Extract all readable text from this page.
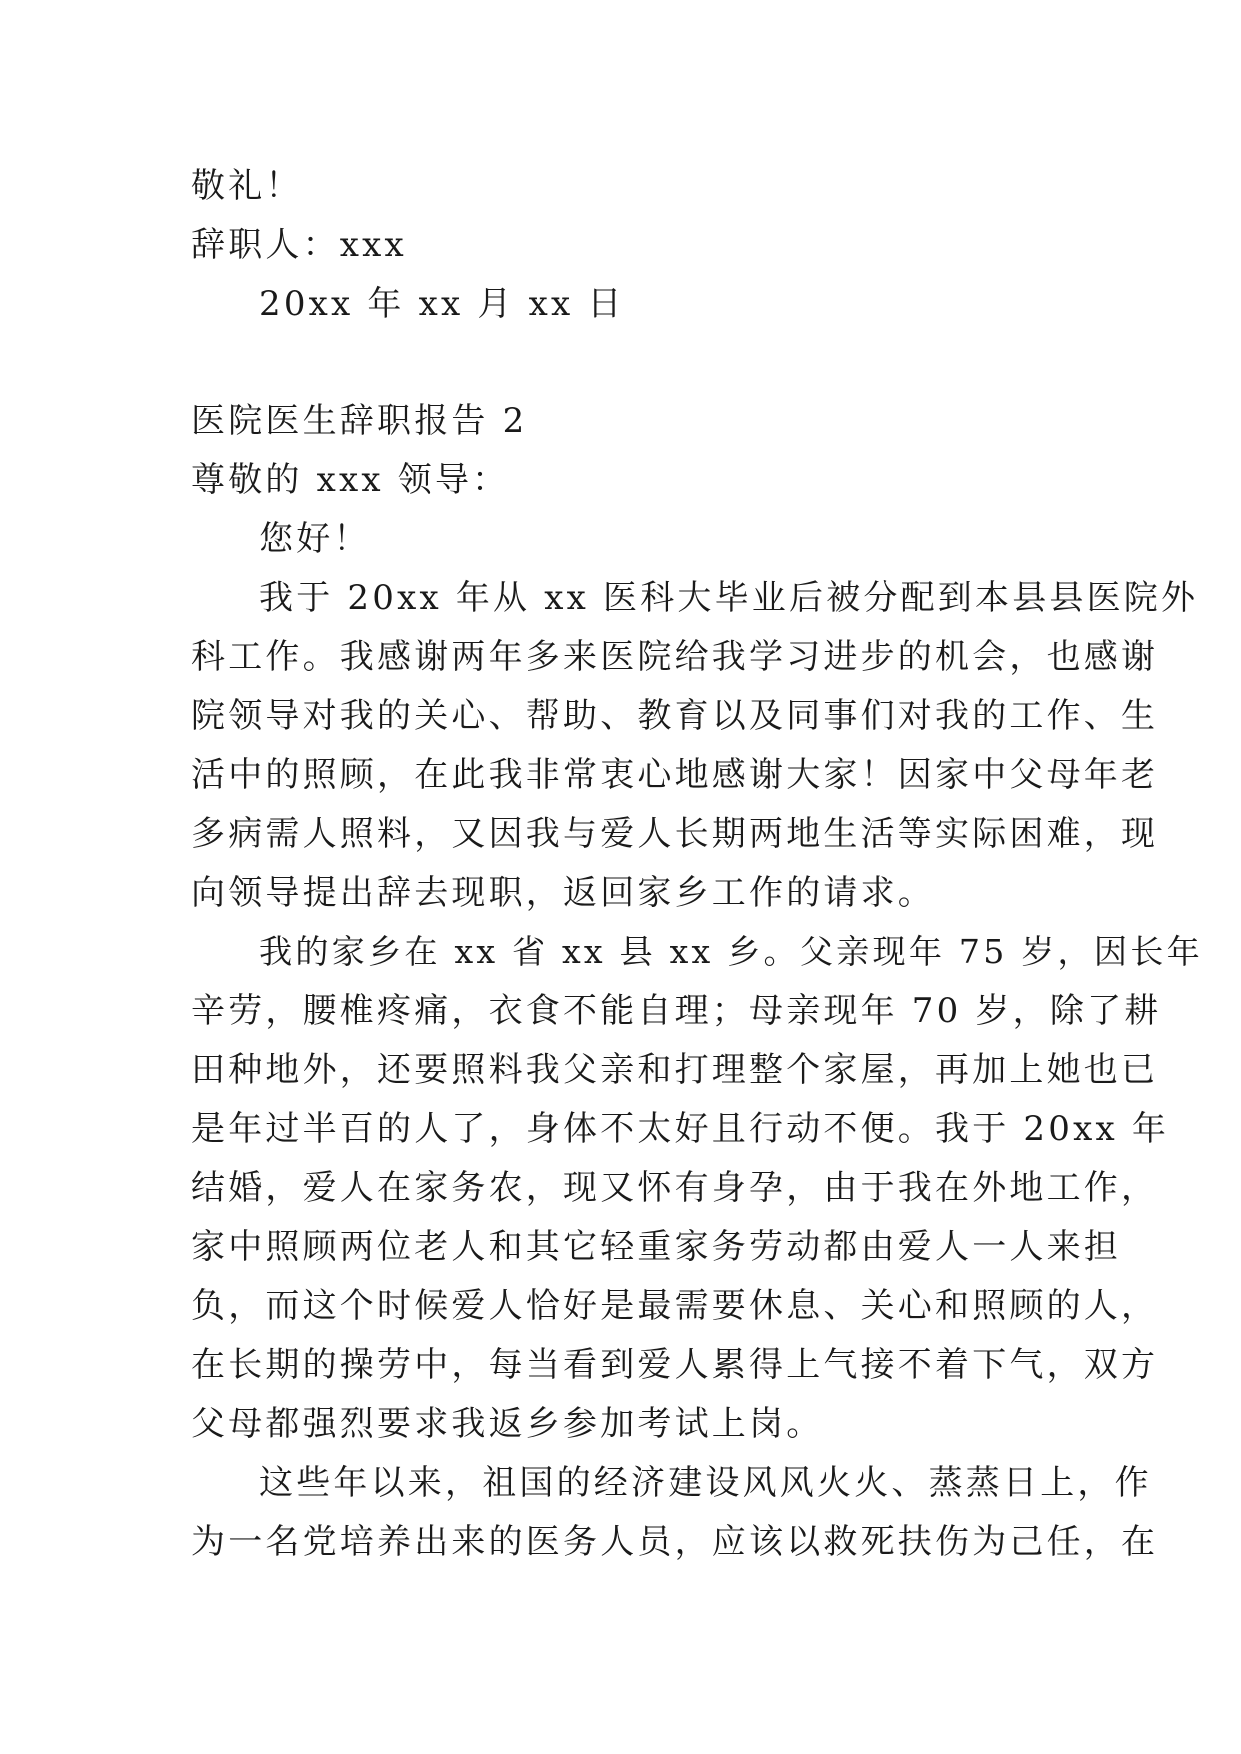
敬礼！
辞职人：xxx
20xx 年 xx 月 xx 日
医院医生辞职报告 2
尊敬的 xxx 领导：
您好！
我于 20xx 年从 xx 医科大毕业后被分配到本县县医院外
科工作。我感谢两年多来医院给我学习进步的机会，也感谢
院领导对我的关心、帮助、教育以及同事们对我的工作、生
活中的照顾，在此我非常衷心地感谢大家！因家中父母年老
多病需人照料，又因我与爱人长期两地生活等实际困难，现
向领导提出辞去现职，返回家乡工作的请求。
我的家乡在 xx 省 xx 县 xx 乡。父亲现年 75 岁，因长年
辛劳，腰椎疼痛，衣食不能自理；母亲现年 70 岁，除了耕
田种地外，还要照料我父亲和打理整个家屋，再加上她也已
是年过半百的人了，身体不太好且行动不便。我于 20xx 年
结婚，爱人在家务农，现又怀有身孕，由于我在外地工作，
家中照顾两位老人和其它轻重家务劳动都由爱人一人来担
负，而这个时候爱人恰好是最需要休息、关心和照顾的人，
在长期的操劳中，每当看到爱人累得上气接不着下气，双方
父母都强烈要求我返乡参加考试上岗。
这些年以来，祖国的经济建设风风火火、蒸蒸日上，作
为一名党培养出来的医务人员，应该以救死扶伤为己任，在
